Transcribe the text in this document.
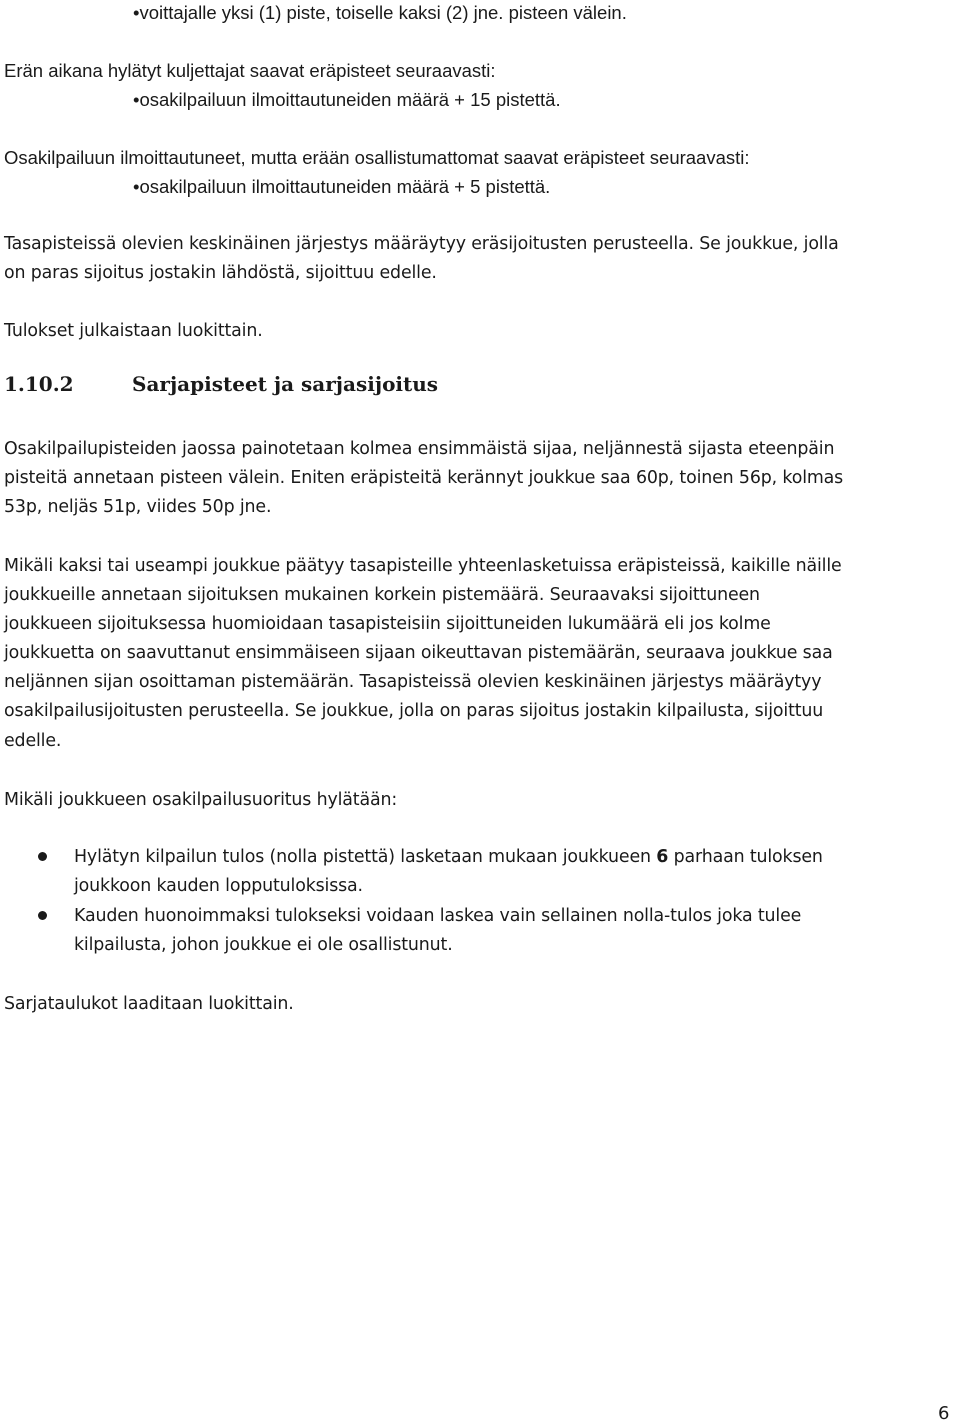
•voittajalle yksi (1) piste, toiselle kaksi (2) jne. pisteen välein.
Erän aikana hylätyt kuljettajat saavat eräpisteet seuraavasti:
•osakilpailuun ilmoittautuneiden määrä + 15 pistettä.
Osakilpailuun ilmoittautuneet, mutta erään osallistumattomat saavat eräpisteet seuraavasti:
•osakilpailuun ilmoittautuneiden määrä + 5 pistettä.
Tasapisteissä olevien keskinäinen järjestys määräytyy eräsijoitusten perusteella. Se joukkue, jolla
on paras sijoitus jostakin lähdöstä, sijoittuu edelle.
Tulokset julkaistaan luokittain.
1.10.2	Sarjapisteet ja sarjasijoitus
Osakilpailupisteiden jaossa painotetaan kolmea ensimmäistä sijaa, neljännestä sijasta eteenpäin
pisteitä annetaan pisteen välein. Eniten eräpisteitä kerännyt joukkue saa 60p, toinen 56p, kolmas
53p, neljäs 51p, viides 50p jne.
Mikäli kaksi tai useampi joukkue päätyy tasapisteille yhteenlasketuissa eräpisteissä, kaikille näille
joukkueille annetaan sijoituksen mukainen korkein pistemäärä. Seuraavaksi sijoittuneen
joukkueen sijoituksessa huomioidaan tasapisteisiin sijoittuneiden lukumäärä eli jos kolme
joukkuetta on saavuttanut ensimmäiseen sijaan oikeuttavan pistemäärän, seuraava joukkue saa
neljännen sijan osoittaman pistemäärän. Tasapisteissä olevien keskinäinen järjestys määräytyy
osakilpailusijoitusten perusteella. Se joukkue, jolla on paras sijoitus jostakin kilpailusta, sijoittuu
edelle.
Mikäli joukkueen osakilpailusuoritus hylätään:
Hylätyn kilpailun tulos (nolla pistettä) lasketaan mukaan joukkueen 6 parhaan tuloksen
joukkoon kauden lopputuloksissa.
Kauden huonoimmaksi tulokseksi voidaan laskea vain sellainen nolla-tulos joka tulee
kilpailusta, johon joukkue ei ole osallistunut.
Sarjataulukot laaditaan luokittain.
6
